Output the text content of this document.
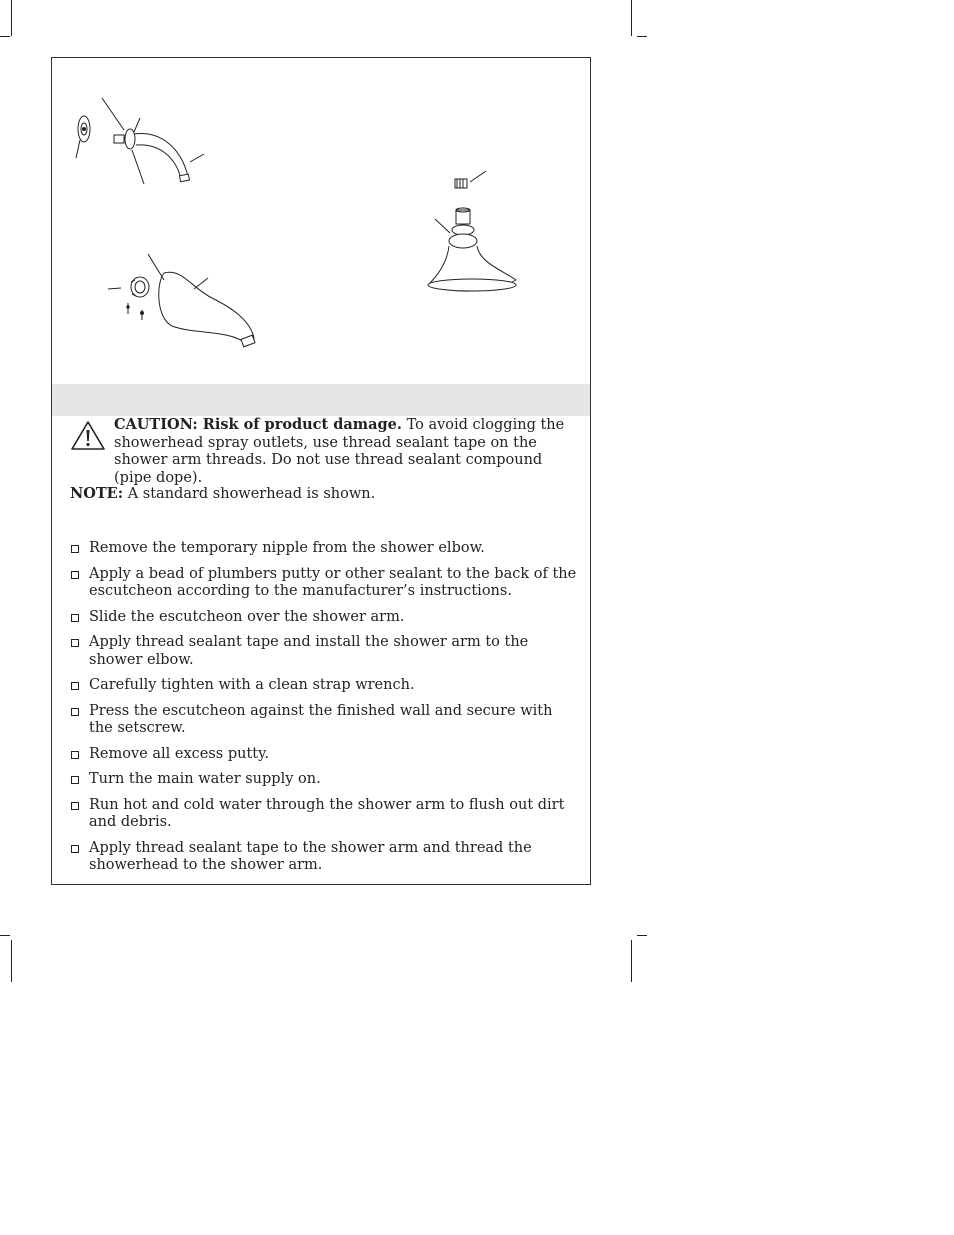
CAUTION: Risk of product damage. To avoid clogging the showerhead spray outlets, use thread sealant tape on the shower arm threads. Do not use thread sealant compound (pipe dope).
NOTE: A standard showerhead is shown.
Remove the temporary nipple from the shower elbow.
Apply a bead of plumbers putty or other sealant to the back of the escutcheon according to the manufacturer’s instructions.
Slide the escutcheon over the shower arm.
Apply thread sealant tape and install the shower arm to the shower elbow.
Carefully tighten with a clean strap wrench.
Press the escutcheon against the finished wall and secure with the setscrew.
Remove all excess putty.
Turn the main water supply on.
Run hot and cold water through the shower arm to flush out dirt and debris.
Apply thread sealant tape to the shower arm and thread the showerhead to the shower arm.
